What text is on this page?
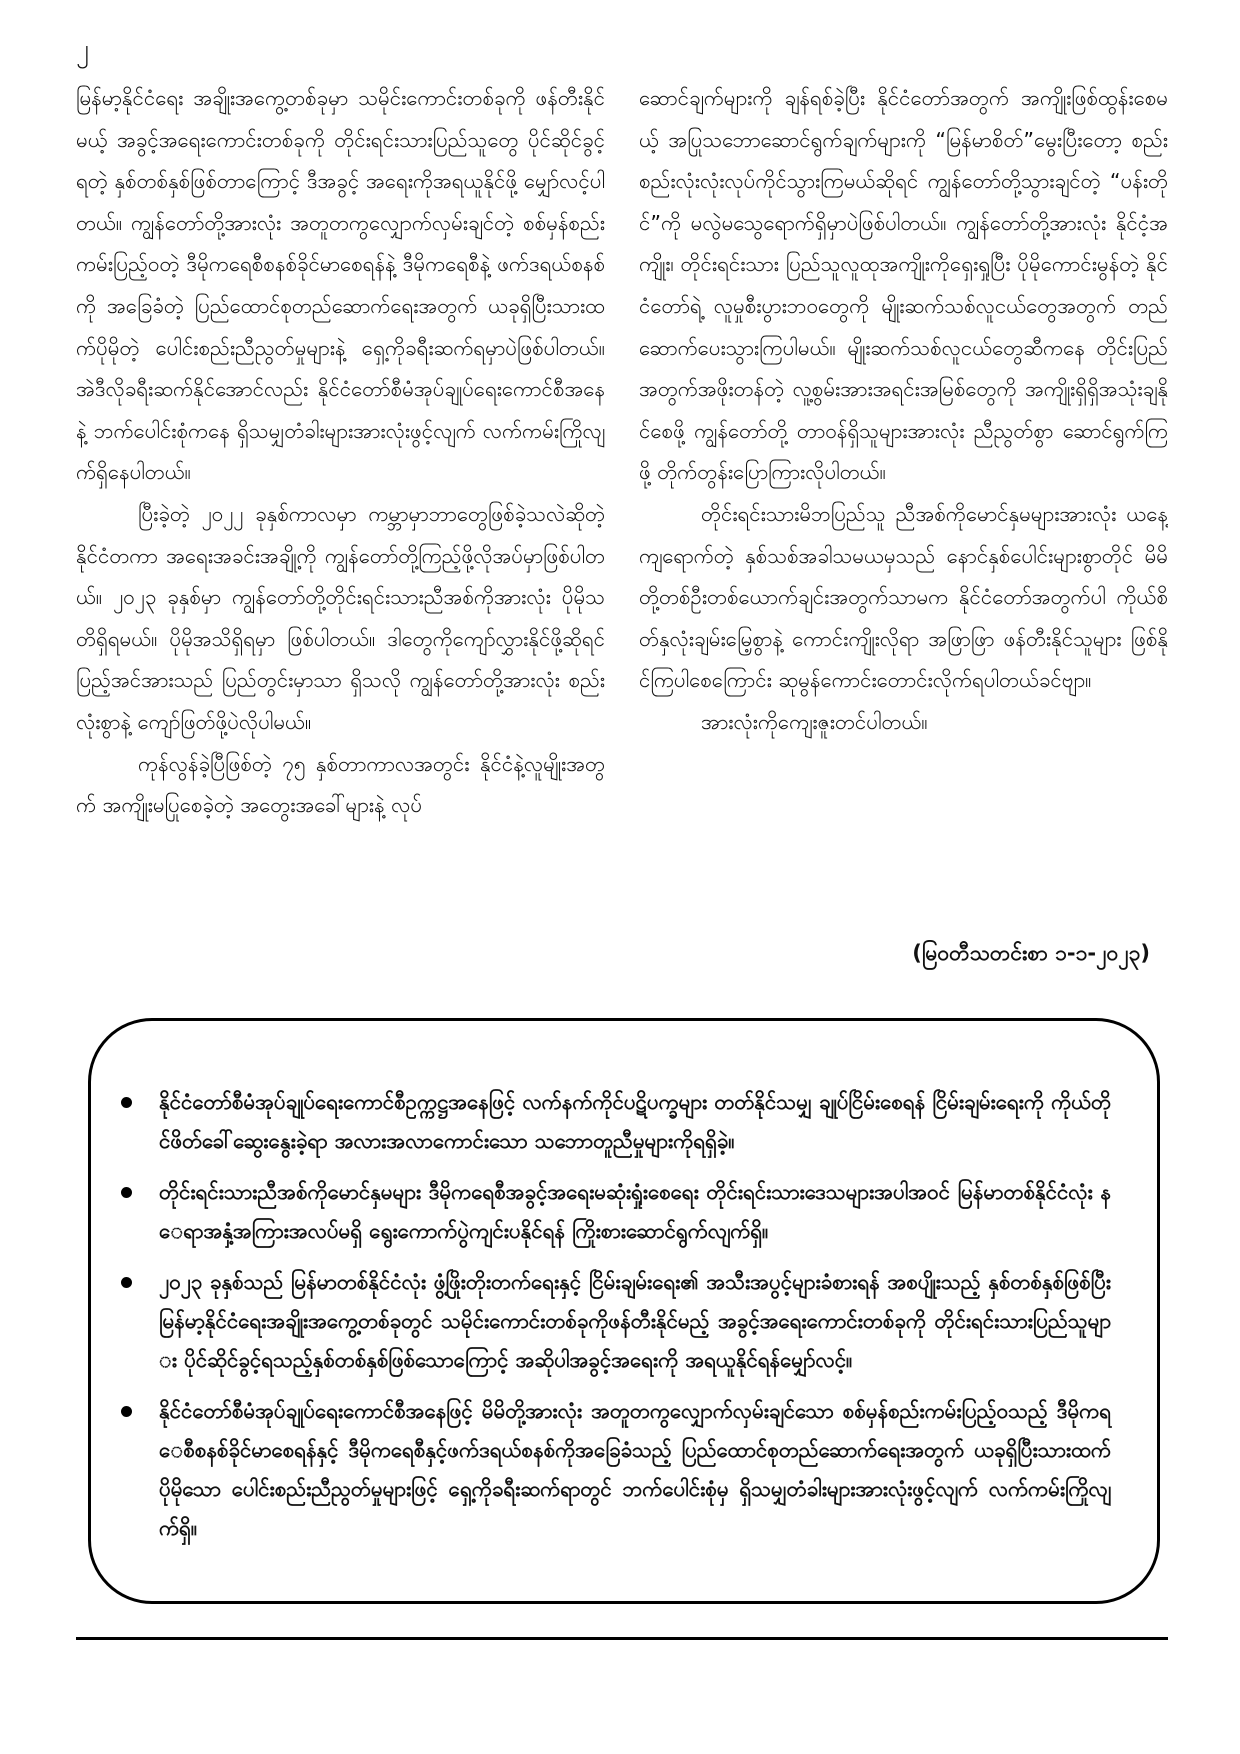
၂

မြန်မာ့နိုင်ငံရေး အချိုးအကွေ့တစ်ခုမှာ သမိုင်းကောင်းတစ်ခုကို ဖန်တီးနိုင်မယ့် အခွင့်အရေးကောင်းတစ်ခုကို တိုင်းရင်းသားပြည်သူတွေ ပိုင်ဆိုင်ခွင့်ရတဲ့ နှစ်တစ်နှစ်ဖြစ်တာကြောင့် ဒီအခွင့် အရေးကိုအရယူနိုင်ဖို့ မျှော်လင့်ပါတယ်။ ကျွန်တော်တို့အားလုံး အတူတကွလျှောက်လှမ်းချင်တဲ့ စစ်မှန်စည်းကမ်းပြည့်ဝတဲ့ ဒီမိုကရေစီစနစ်ခိုင်မာစေရန်နဲ့ ဒီမိုကရေစီနဲ့ ဖက်ဒရယ်စနစ်ကို အခြေခံတဲ့ ပြည်ထောင်စုတည်ဆောက်ရေးအတွက် ယခုရှိပြီးသားထက်ပိုမိုတဲ့ ပေါင်းစည်းညီညွတ်မှုများနဲ့ ရှေ့ကိုခရီးဆက်ရမှာပဲဖြစ်ပါတယ်။ အဲဒီလိုခရီးဆက်နိုင်အောင်လည်း နိုင်ငံတော်စီမံအုပ်ချုပ်ရေးကောင်စီအနေနဲ့ ဘက်ပေါင်းစုံကနေ ရှိသမျှတံခါးများအားလုံးဖွင့်လျက် လက်ကမ်းကြိုလျက်ရှိနေပါတယ်။

ပြီးခဲ့တဲ့ ၂၀၂၂ ခုနှစ်ကာလမှာ ကမ္ဘာမှာဘာတွေဖြစ်ခဲ့သလဲဆိုတဲ့ နိုင်ငံတကာ အရေးအခင်းအချို့ကို ကျွန်တော်တို့ကြည့်ဖို့လိုအပ်မှာဖြစ်ပါတယ်။ ၂၀၂၃ ခုနှစ်မှာ ကျွန်တော်တို့တိုင်းရင်းသားညီအစ်ကိုအားလုံး ပိုမိုသတိရှိရမယ်။ ပိုမိုအသိရှိရမှာ ဖြစ်ပါတယ်။ ဒါတွေကိုကျော်လွှားနိုင်ဖို့ဆိုရင် ပြည့်အင်အားသည် ပြည်တွင်းမှာသာ ရှိသလို ကျွန်တော်တို့အားလုံး စည်းလုံးစွာနဲ့ ကျော်ဖြတ်ဖို့ပဲလိုပါမယ်။

ကုန်လွန်ခဲ့ပြီဖြစ်တဲ့ ၇၅ နှစ်တာကာလအတွင်း နိုင်ငံနဲ့လူမျိုးအတွက် အကျိုးမပြုစေခဲ့တဲ့ အတွေးအခေါ်များနဲ့ လုပ်

ဆောင်ချက်များကို ချန်ရစ်ခဲ့ပြီး နိုင်ငံတော်အတွက် အကျိုးဖြစ်ထွန်းစေမယ့် အပြုသဘောဆောင်ရွက်ချက်များကို “မြန်မာစိတ်”မွေးပြီးတော့ စည်းစည်းလုံးလုံးလုပ်ကိုင်သွားကြမယ်ဆိုရင် ကျွန်တော်တို့သွားချင်တဲ့ “ပန်းတိုင်”ကို မလွဲမသွေရောက်ရှိမှာပဲဖြစ်ပါတယ်။ ကျွန်တော်တို့အားလုံး နိုင်ငံ့အကျိုး၊ တိုင်းရင်းသား ပြည်သူလူထုအကျိုးကိုရှေးရှုပြီး ပိုမိုကောင်းမွန်တဲ့ နိုင်ငံတော်ရဲ့ လူမှုစီးပွားဘဝတွေကို မျိုးဆက်သစ်လူငယ်တွေအတွက် တည်ဆောက်ပေးသွားကြပါမယ်။ မျိုးဆက်သစ်လူငယ်တွေဆီကနေ တိုင်းပြည်အတွက်အဖိုးတန်တဲ့ လူ့စွမ်းအားအရင်းအမြစ်တွေကို အကျိုးရှိရှိအသုံးချနိုင်စေဖို့ ကျွန်တော်တို့ တာဝန်ရှိသူများအားလုံး ညီညွတ်စွာ ဆောင်ရွက်ကြဖို့ တိုက်တွန်းပြောကြားလိုပါတယ်။

တိုင်းရင်းသားမိဘပြည်သူ ညီအစ်ကိုမောင်နှမများအားလုံး ယနေ့ကျရောက်တဲ့ နှစ်သစ်အခါသမယမှသည် နောင်နှစ်ပေါင်းများစွာတိုင် မိမိတို့တစ်ဦးတစ်ယောက်ချင်းအတွက်သာမက နိုင်ငံတော်အတွက်ပါ ကိုယ်စိတ်နှလုံးချမ်းမြေ့စွာနဲ့ ကောင်းကျိုးလိုရာ အဖြာဖြာ ဖန်တီးနိုင်သူများ ဖြစ်နိုင်ကြပါစေကြောင်း ဆုမွန်ကောင်းတောင်းလိုက်ရပါတယ်ခင်ဗျာ။

အားလုံးကိုကျေးဇူးတင်ပါတယ်။

(မြဝတီသတင်းစာ ၁-၁-၂၀၂၃)
နိုင်ငံတော်စီမံအုပ်ချုပ်ရေးကောင်စီဥက္ကဋ္ဌအနေဖြင့် လက်နက်ကိုင်ပဋိပက္ခများ တတ်နိုင်သမျှ ချုပ်ငြိမ်းစေရန် ငြိမ်းချမ်းရေးကို ကိုယ်တိုင်ဖိတ်ခေါ်ဆွေးနွေးခဲ့ရာ အလားအလာကောင်းသော သဘောတူညီမှုများကိုရရှိခဲ့။
တိုင်းရင်းသားညီအစ်ကိုမောင်နှမများ ဒီမိုကရေစီအခွင့်အရေးမဆုံးရှုံးစေရေး တိုင်းရင်းသားဒေသများအပါအဝင် မြန်မာတစ်နိုင်ငံလုံး နေရာအနှံ့အကြားအလပ်မရှိ ရွေးကောက်ပွဲကျင်းပနိုင်ရန် ကြိုးစားဆောင်ရွက်လျက်ရှိ။
၂၀၂၃ ခုနှစ်သည် မြန်မာတစ်နိုင်ငံလုံး ဖွံ့ဖြိုးတိုးတက်ရေးနှင့် ငြိမ်းချမ်းရေး၏ အသီးအပွင့်များခံစားရန် အစပျိုးသည့် နှစ်တစ်နှစ်ဖြစ်ပြီး မြန်မာ့နိုင်ငံရေးအချိုးအကွေ့တစ်ခုတွင် သမိုင်းကောင်းတစ်ခုကိုဖန်တီးနိုင်မည့် အခွင့်အရေးကောင်းတစ်ခုကို တိုင်းရင်းသားပြည်သူများ ပိုင်ဆိုင်ခွင့်ရသည့်နှစ်တစ်နှစ်ဖြစ်သောကြောင့် အဆိုပါအခွင့်အရေးကို အရယူနိုင်ရန်မျှော်လင့်။
နိုင်ငံတော်စီမံအုပ်ချုပ်ရေးကောင်စီအနေဖြင့် မိမိတို့အားလုံး အတူတကွလျှောက်လှမ်းချင်သော စစ်မှန်စည်းကမ်းပြည့်ဝသည့် ဒီမိုကရေစီစနစ်ခိုင်မာစေရန်နှင့် ဒီမိုကရေစီနှင့်ဖက်ဒရယ်စနစ်ကိုအခြေခံသည့် ပြည်ထောင်စုတည်ဆောက်ရေးအတွက် ယခုရှိပြီးသားထက်ပိုမိုသော ပေါင်းစည်းညီညွတ်မှုများဖြင့် ရှေ့ကိုခရီးဆက်ရာတွင် ဘက်ပေါင်းစုံမှ ရှိသမျှတံခါးများအားလုံးဖွင့်လျက် လက်ကမ်းကြိုလျက်ရှိ။
